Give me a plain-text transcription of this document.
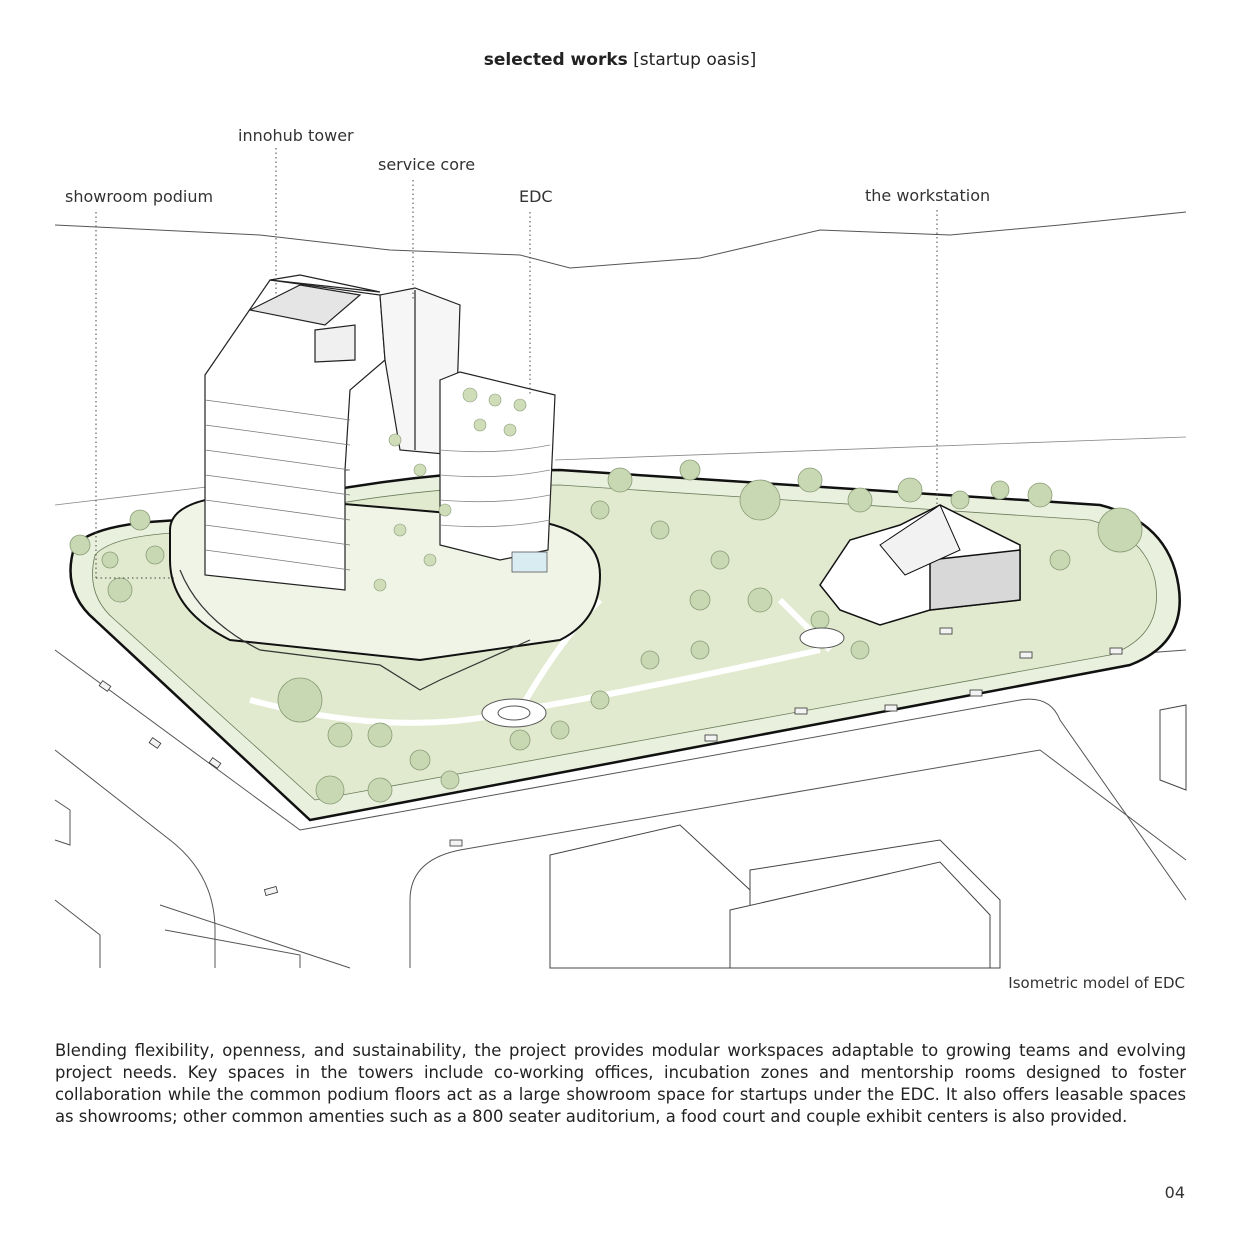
selected works [startup oasis]
innohub tower
service core
showroom podium	EDC	the workstation
Isometric model of EDC
Blending flexibility, openness, and sustainability, the project provides modular workspaces adaptable to growing teams and evolving project needs. Key spaces in the towers include co-working offices, incubation zones and mentorship rooms designed to foster collaboration while the common podium floors act as a large showroom space for startups under the EDC. It also offers leasable spaces as showrooms; other common amenties such as a 800 seater auditorium, a food court and couple exhibit centers is also provided.
04
